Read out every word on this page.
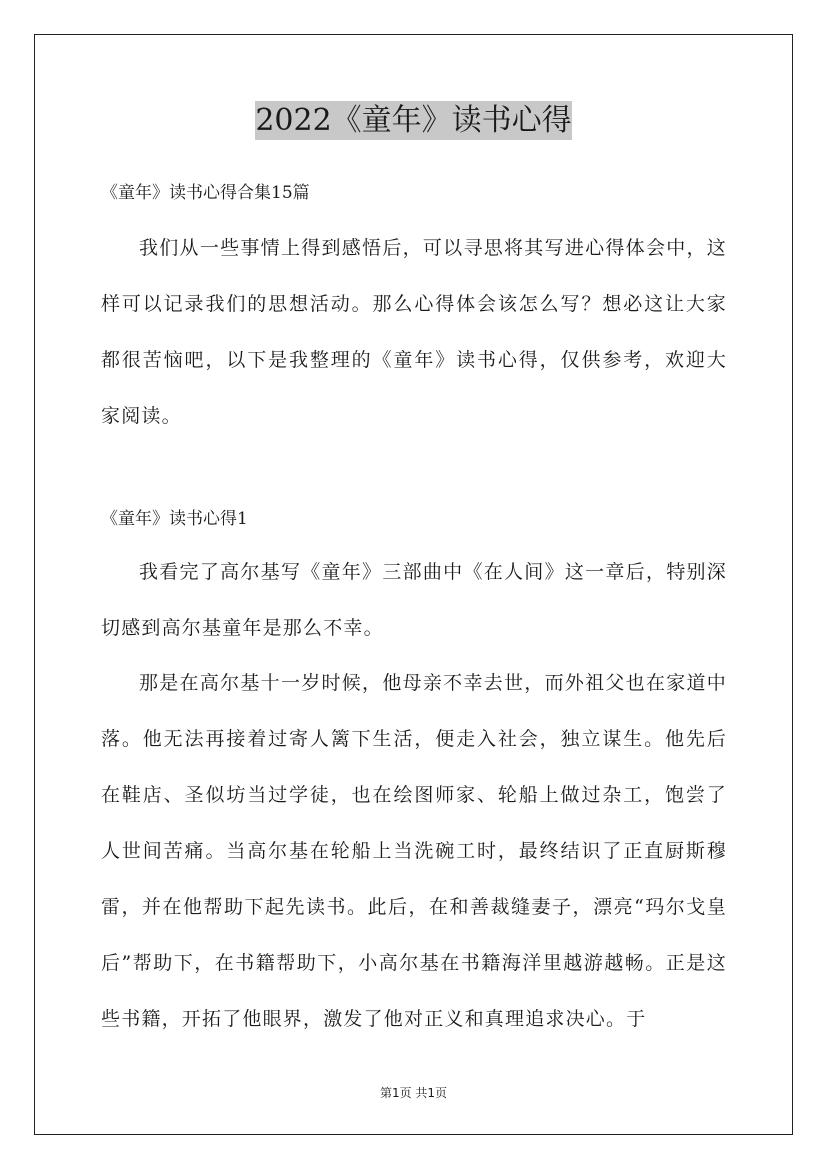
2022《童年》读书心得
《童年》读书心得合集15篇
我们从一些事情上得到感悟后，可以寻思将其写进心得体会中，这样可以记录我们的思想活动。那么心得体会该怎么写？想必这让大家都很苦恼吧，以下是我整理的《童年》读书心得，仅供参考，欢迎大家阅读。
《童年》读书心得1
我看完了高尔基写《童年》三部曲中《在人间》这一章后，特别深切感到高尔基童年是那么不幸。
那是在高尔基十一岁时候，他母亲不幸去世，而外祖父也在家道中落。他无法再接着过寄人篱下生活，便走入社会，独立谋生。他先后在鞋店、圣似坊当过学徒，也在绘图师家、轮船上做过杂工，饱尝了人世间苦痛。当高尔基在轮船上当洗碗工时，最终结识了正直厨斯穆雷，并在他帮助下起先读书。此后，在和善裁缝妻子，漂亮“玛尔戈皇后”帮助下，在书籍帮助下，小高尔基在书籍海洋里越游越畅。正是这些书籍，开拓了他眼界，激发了他对正义和真理追求决心。于
第1页 共1页
